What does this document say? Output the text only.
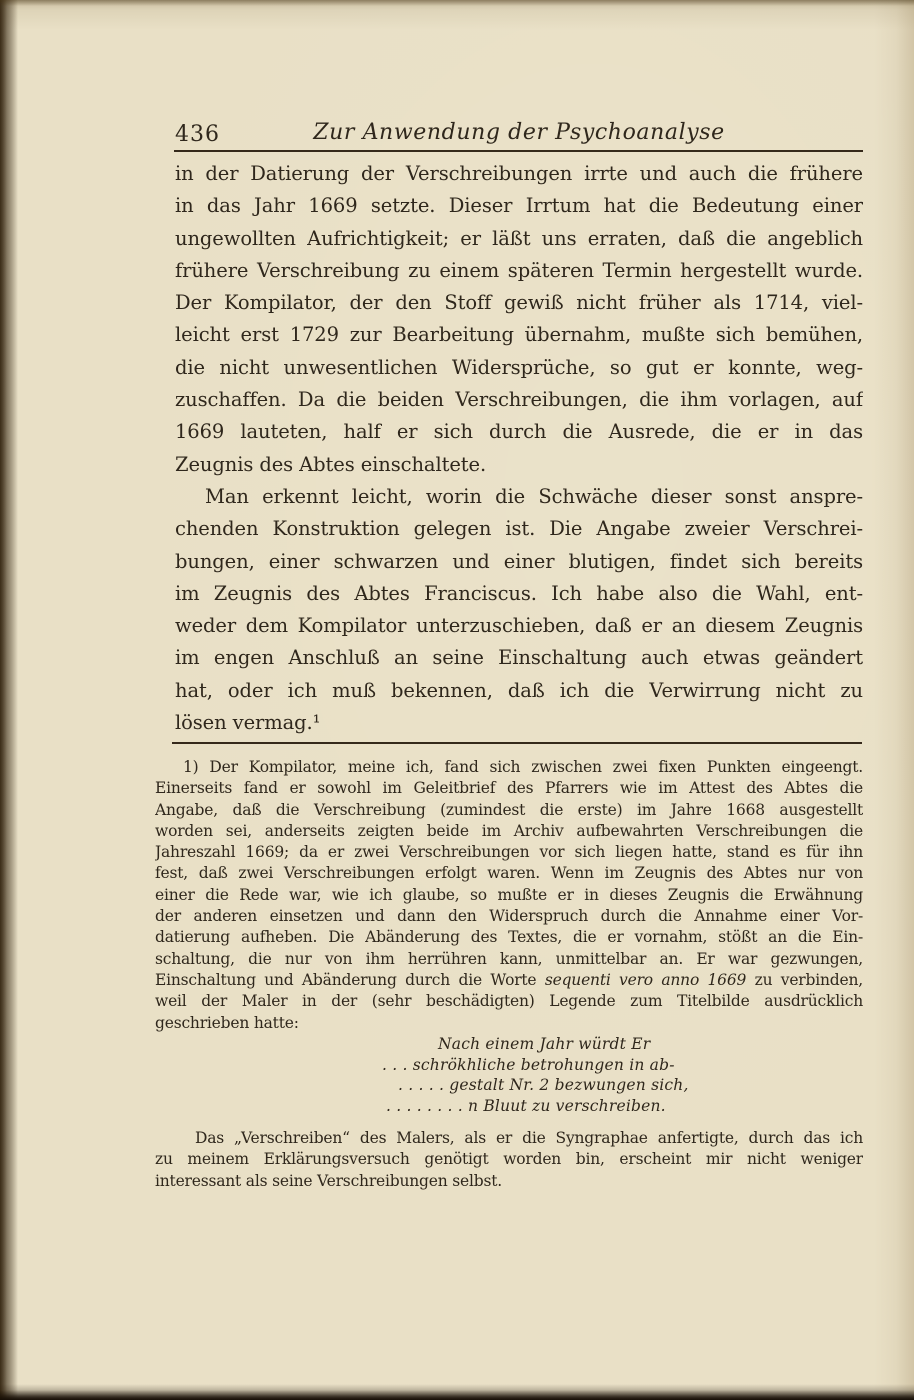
436	Zur Anwendung der Psychoanalyse
in der Datierung der Verschreibungen irrte und auch die frühere
in das Jahr 1669 setzte. Dieser Irrtum hat die Bedeutung einer
ungewollten Aufrichtigkeit; er läßt uns erraten, daß die angeblich
frühere Verschreibung zu einem späteren Termin hergestellt wurde.
Der Kompilator, der den Stoff gewiß nicht früher als 1714, viel-
leicht erst 1729 zur Bearbeitung übernahm, mußte sich bemühen,
die nicht unwesentlichen Widersprüche, so gut er konnte, weg-
zuschaffen. Da die beiden Verschreibungen, die ihm vorlagen, auf
1669 lauteten, half er sich durch die Ausrede, die er in das
Zeugnis des Abtes einschaltete.
Man erkennt leicht, worin die Schwäche dieser sonst anspre-
chenden Konstruktion gelegen ist. Die Angabe zweier Verschrei-
bungen, einer schwarzen und einer blutigen, findet sich bereits
im Zeugnis des Abtes Franciscus. Ich habe also die Wahl, ent-
weder dem Kompilator unterzuschieben, daß er an diesem Zeugnis
im engen Anschluß an seine Einschaltung auch etwas geändert
hat, oder ich muß bekennen, daß ich die Verwirrung nicht zu
lösen vermag.¹
1) Der Kompilator, meine ich, fand sich zwischen zwei fixen Punkten eingeengt.
Einerseits fand er sowohl im Geleitbrief des Pfarrers wie im Attest des Abtes die
Angabe, daß die Verschreibung (zumindest die erste) im Jahre 1668 ausgestellt
worden sei, anderseits zeigten beide im Archiv aufbewahrten Verschreibungen die
Jahreszahl 1669; da er zwei Verschreibungen vor sich liegen hatte, stand es für ihn
fest, daß zwei Verschreibungen erfolgt waren. Wenn im Zeugnis des Abtes nur von
einer die Rede war, wie ich glaube, so mußte er in dieses Zeugnis die Erwähnung
der anderen einsetzen und dann den Widerspruch durch die Annahme einer Vor-
datierung aufheben. Die Abänderung des Textes, die er vornahm, stößt an die Ein-
schaltung, die nur von ihm herrühren kann, unmittelbar an. Er war gezwungen,
Einschaltung und Abänderung durch die Worte sequenti vero anno 1669 zu verbinden,
weil der Maler in der (sehr beschädigten) Legende zum Titelbilde ausdrücklich
geschrieben hatte:
Nach einem Jahr würdt Er
. . . schrökhliche betrohungen in ab-
. . . . . gestalt Nr. 2 bezwungen sich,
. . . . . . . . n Bluut zu verschreiben.
Das „Verschreiben“ des Malers, als er die Syngraphae anfertigte, durch das ich
zu meinem Erklärungsversuch genötigt worden bin, erscheint mir nicht weniger
interessant als seine Verschreibungen selbst.
